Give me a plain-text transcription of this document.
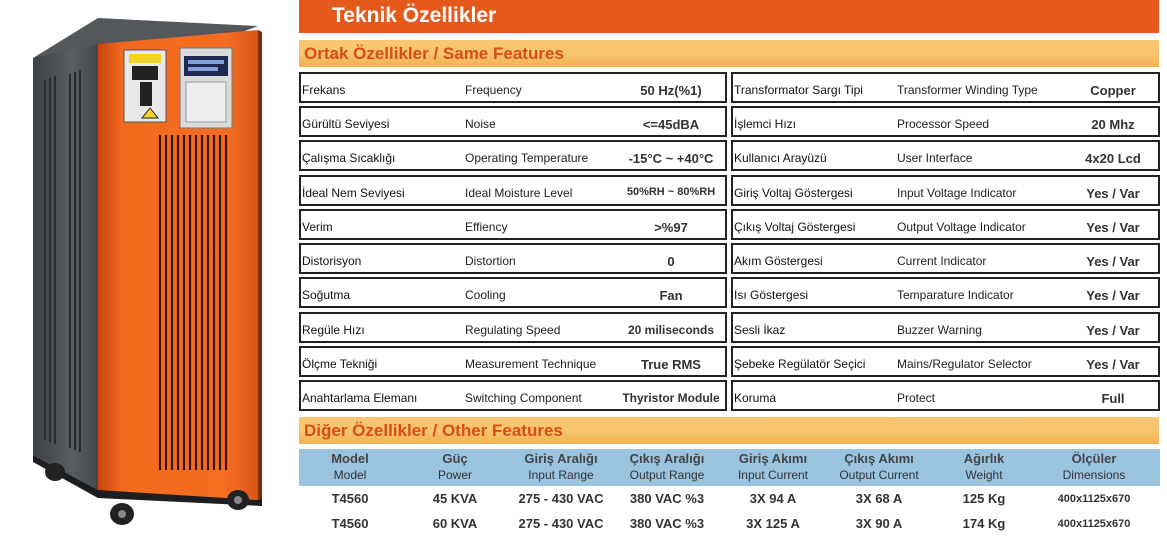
Teknik Özellikler
Ortak Özellikler / Same Features
Frekans	Frequency	50 Hz(%1)
Gürültü Seviyesi	Noise	<=45dBA
Çalışma Sıcaklığı	Operating Temperature	-15°C ~ +40°C
İdeal Nem Seviyesi	Ideal Moisture Level	50%RH ~ 80%RH
Verim	Effiency	>%97
Distorisyon	Distortion	0
Soğutma	Cooling	Fan
Regüle Hızı	Regulating Speed	20 miliseconds
Ölçme Tekniği	Measurement Technique	True RMS
Anahtarlama Elemanı	Switching Component	Thyristor Module
Transformator Sargı Tipi	Transformer Winding Type	Copper
İşlemci Hızı	Processor Speed	20 Mhz
Kullanıcı Arayüzü	User Interface	4x20 Lcd
Giriş Voltaj Göstergesi	Input Voltage Indicator	Yes / Var
Çıkış Voltaj Göstergesi	Output Voltage Indicator	Yes / Var
Akım Göstergesi	Current Indicator	Yes / Var
Isı Göstergesi	Temparature Indicator	Yes / Var
Sesli İkaz	Buzzer Warning	Yes / Var
Şebeke Regülatör Seçici	Mains/Regulator Selector	Yes / Var
Koruma	Protect	Full
Diğer Özellikler / Other Features
Model	Güç	Giriş Aralığı	Çıkış Aralığı	Giriş Akımı	Çıkış Akımı	Ağırlık	Ölçüler
Model	Power	Input Range	Output Range	Input Current	Output Current	Weight	Dimensions
T4560	45 KVA	275 - 430 VAC	380 VAC %3	3X 94 A	3X 68 A	125 Kg	400x1125x670
T4560	60 KVA	275 - 430 VAC	380 VAC %3	3X 125 A	3X 90 A	174 Kg	400x1125x670
